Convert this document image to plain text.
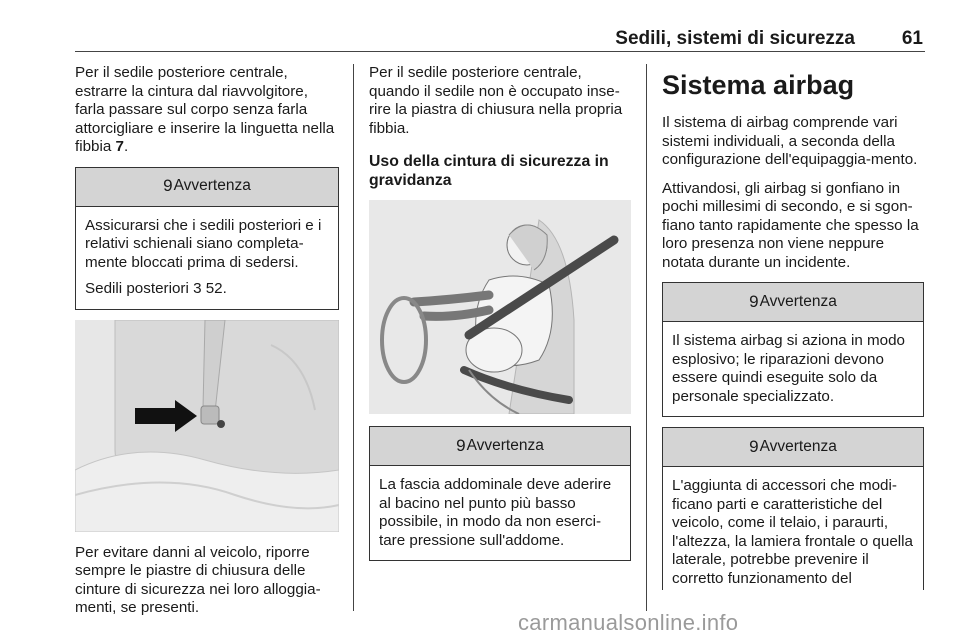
Sedili, sistemi di sicurezza 61

Per il sedile posteriore centrale, estrarre la cintura dal riavvolgitore, farla passare sul corpo senza farla attorcigliare e inserire la linguetta nella fibbia 7.

9 Avvertenza

Assicurarsi che i sedili posteriori e i relativi schienali siano completa-mente bloccati prima di sedersi.

Sedili posteriori 3 52.

Per evitare danni al veicolo, riporre sempre le piastre di chiusura delle cinture di sicurezza nei loro alloggia-menti, se presenti.

Per il sedile posteriore centrale, quando il sedile non è occupato inse-rire la piastra di chiusura nella propria fibbia.

Uso della cintura di sicurezza in gravidanza
9 Avvertenza

La fascia addominale deve aderire al bacino nel punto più basso possibile, in modo da non eserci-tare pressione sull'addome.

Sistema airbag

Il sistema di airbag comprende vari sistemi individuali, a seconda della configurazione dell'equipaggia-mento.

Attivandosi, gli airbag si gonfiano in pochi millesimi di secondo, e si sgon-fiano tanto rapidamente che spesso la loro presenza non viene neppure notata durante un incidente.

9 Avvertenza

Il sistema airbag si aziona in modo esplosivo; le riparazioni devono essere quindi eseguite solo da personale specializzato.

9 Avvertenza

L'aggiunta di accessori che modi-ficano parti e caratteristiche del veicolo, come il telaio, i paraurti, l'altezza, la lamiera frontale o quella laterale, potrebbe prevenire il corretto funzionamento del

carmanualsonline.info
